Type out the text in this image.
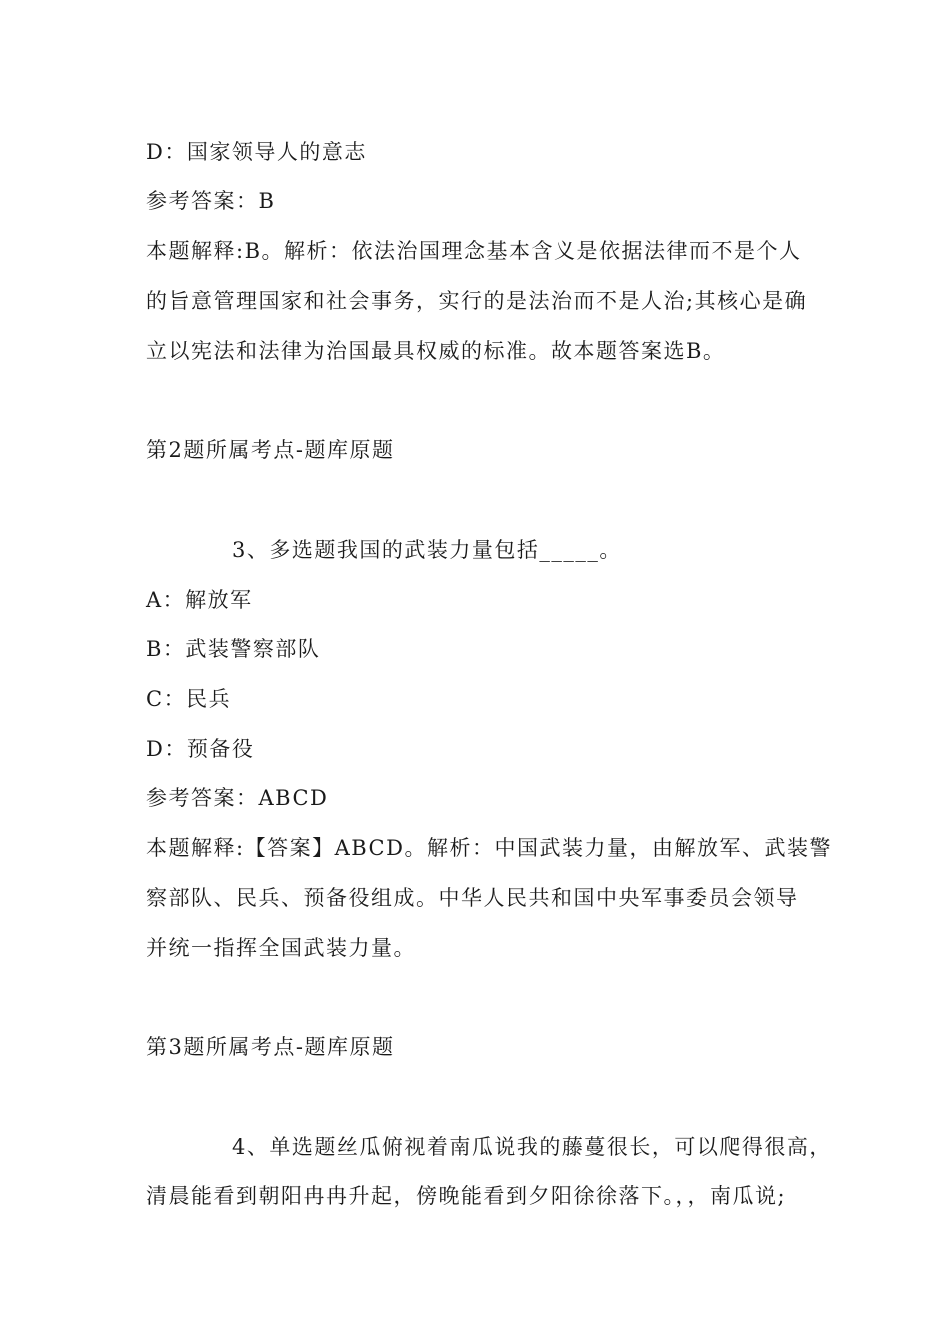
D：国家领导人的意志
参考答案：B
本题解释:B。解析：依法治国理念基本含义是依据法律而不是个人
的旨意管理国家和社会事务，实行的是法治而不是人治;其核心是确
立以宪法和法律为治国最具权威的标准。故本题答案选B。
第2题所属考点-题库原题
3、多选题我国的武装力量包括_____。
A：解放军
B：武装警察部队
C：民兵
D：预备役
参考答案：ABCD
本题解释:【答案】ABCD。解析：中国武装力量，由解放军、武装警
察部队、民兵、预备役组成。中华人民共和国中央军事委员会领导
并统一指挥全国武装力量。
第3题所属考点-题库原题
4、单选题丝瓜俯视着南瓜说我的藤蔓很长，可以爬得很高，
清晨能看到朝阳冉冉升起，傍晚能看到夕阳徐徐落下。，，南瓜说;
